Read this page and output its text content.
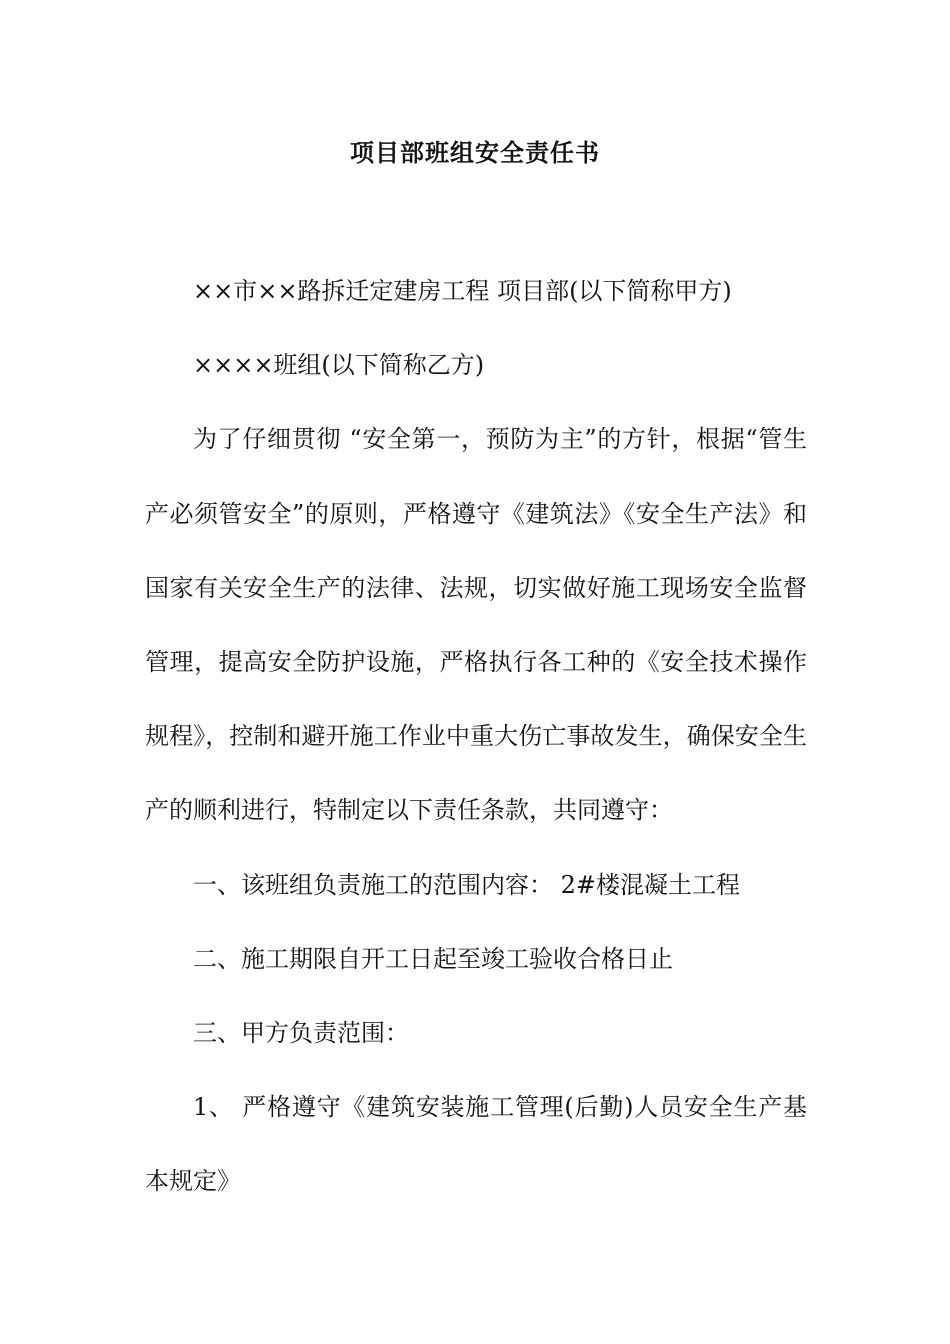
项目部班组安全责任书

××市××路拆迁定建房工程 项目部(以下简称甲方)

××××班组(以下简称乙方)

为了仔细贯彻 “安全第一，预防为主”的方针，根据“管生产必须管安全”的原则，严格遵守《建筑法》《安全生产法》和国家有关安全生产的法律、法规，切实做好施工现场安全监督管理，提高安全防护设施，严格执行各工种的《安全技术操作规程》，控制和避开施工作业中重大伤亡事故发生，确保安全生产的顺利进行，特制定以下责任条款，共同遵守：

一、该班组负责施工的范围内容： 2#楼混凝土工程

二、施工期限自开工日起至竣工验收合格日止

三、甲方负责范围：

1、 严格遵守《建筑安装施工管理(后勤)人员安全生产基本规定》
